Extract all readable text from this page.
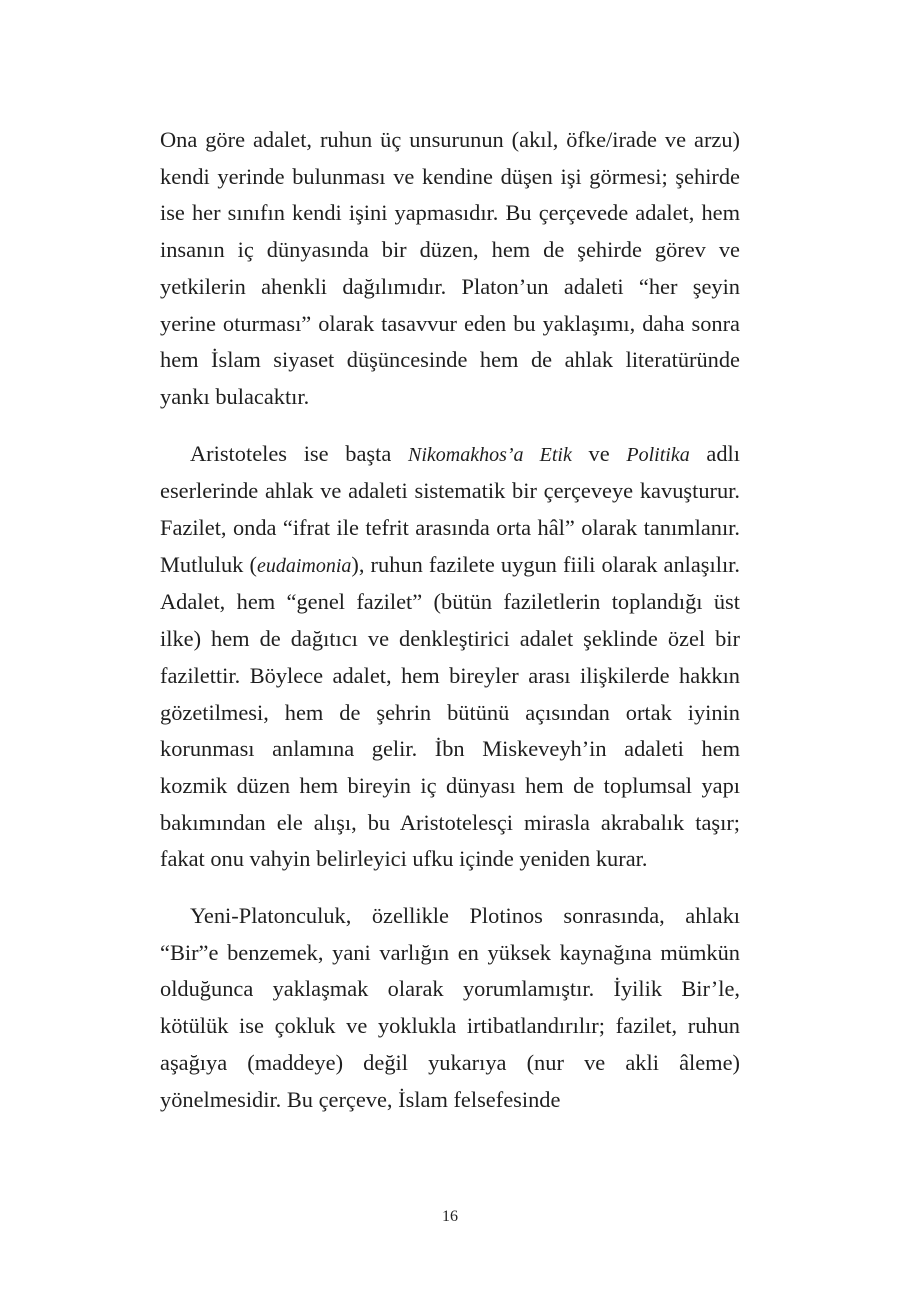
Ona göre adalet, ruhun üç unsurunun (akıl, öfke/irade ve arzu) kendi yerinde bulunması ve kendine düşen işi görmesi; şehirde ise her sınıfın kendi işini yapmasıdır. Bu çerçevede adalet, hem insanın iç dünyasında bir düzen, hem de şehirde görev ve yetkilerin ahenkli dağılımıdır. Platon’un adaleti “her şeyin yerine oturması” olarak tasavvur eden bu yaklaşımı, daha sonra hem İslam siyaset düşüncesinde hem de ahlak literatüründe yankı bulacaktır.

Aristoteles ise başta Nikomakhos’a Etik ve Politika adlı eserlerinde ahlak ve adaleti sistematik bir çerçeveye kavuşturur. Fazilet, onda “ifrat ile tefrit arasında orta hâl” olarak tanımlanır. Mutluluk (eudaimonia), ruhun fazilete uygun fiili olarak anlaşılır. Adalet, hem “genel fazilet” (bütün faziletlerin toplandığı üst ilke) hem de dağıtıcı ve denkleştirici adalet şeklinde özel bir fazilettir. Böylece adalet, hem bireyler arası ilişkilerde hakkın gözetilmesi, hem de şehrin bütünü açısından ortak iyinin korunması anlamına gelir. İbn Miskeveyh’in adaleti hem kozmik düzen hem bireyin iç dünyası hem de toplumsal yapı bakımından ele alışı, bu Aristotelesçi mirasla akrabalık taşır; fakat onu vahyin belirleyici ufku içinde yeniden kurar.

Yeni-Platonculuk, özellikle Plotinos sonrasında, ahlakı “Bir”e benzemek, yani varlığın en yüksek kaynağına mümkün olduğunca yaklaşmak olarak yorumlamıştır. İyilik Bir’le, kötülük ise çokluk ve yoklukla irtibatlandırılır; fazilet, ruhun aşağıya (maddeye) değil yukarıya (nur ve akli âleme) yönelmesidir. Bu çerçeve, İslam felsefesinde

16
